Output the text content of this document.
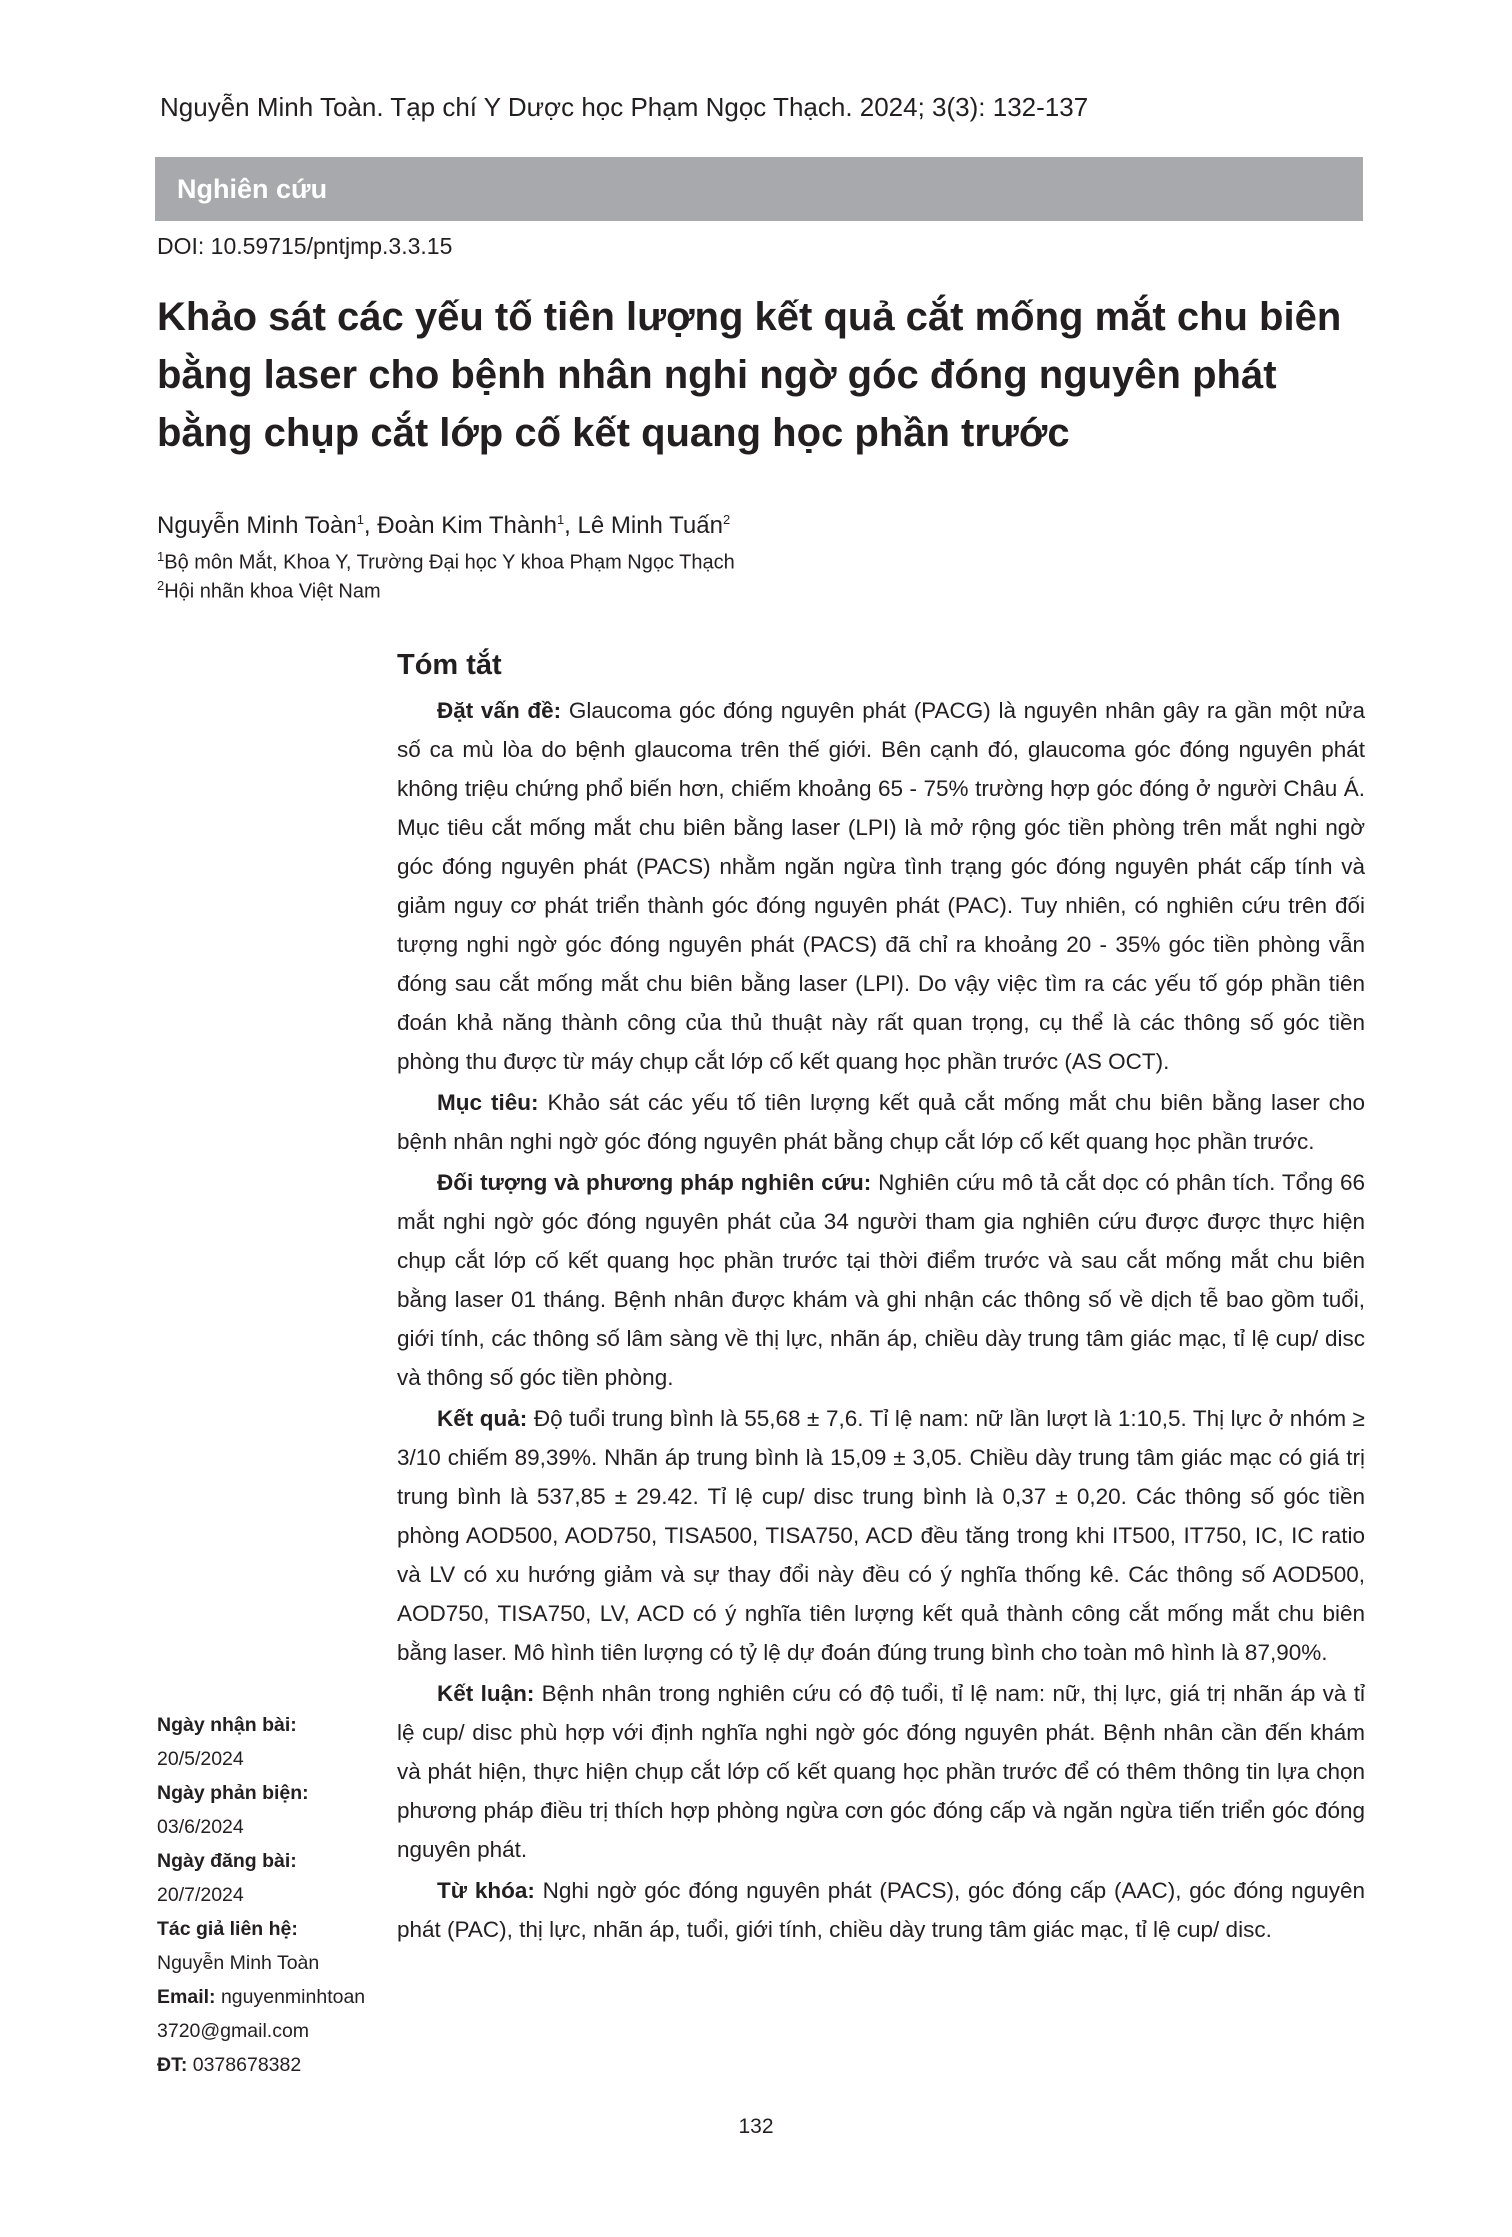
Nguyễn Minh Toàn. Tạp chí Y Dược học Phạm Ngọc Thạch. 2024; 3(3): 132-137
Nghiên cứu
DOI: 10.59715/pntjmp.3.3.15
Khảo sát các yếu tố tiên lượng kết quả cắt mống mắt chu biên bằng laser cho bệnh nhân nghi ngờ góc đóng nguyên phát bằng chụp cắt lớp cố kết quang học phần trước
Nguyễn Minh Toàn$^1$, Đoàn Kim Thành$^1$, Lê Minh Tuấn$^2$
$^1$Bộ môn Mắt, Khoa Y, Trường Đại học Y khoa Phạm Ngọc Thạch
$^2$Hội nhãn khoa Việt Nam
Tóm tắt

Đặt vấn đề: Glaucoma góc đóng nguyên phát (PACG) là nguyên nhân gây ra gần một nửa số ca mù lòa do bệnh glaucoma trên thế giới. Bên cạnh đó, glaucoma góc đóng nguyên phát không triệu chứng phổ biến hơn, chiếm khoảng 65 - 75% trường hợp góc đóng ở người Châu Á. Mục tiêu cắt mống mắt chu biên bằng laser (LPI) là mở rộng góc tiền phòng trên mắt nghi ngờ góc đóng nguyên phát (PACS) nhằm ngăn ngừa tình trạng góc đóng nguyên phát cấp tính và giảm nguy cơ phát triển thành góc đóng nguyên phát (PAC). Tuy nhiên, có nghiên cứu trên đối tượng nghi ngờ góc đóng nguyên phát (PACS) đã chỉ ra khoảng 20 - 35% góc tiền phòng vẫn đóng sau cắt mống mắt chu biên bằng laser (LPI). Do vậy việc tìm ra các yếu tố góp phần tiên đoán khả năng thành công của thủ thuật này rất quan trọng, cụ thể là các thông số góc tiền phòng thu được từ máy chụp cắt lớp cố kết quang học phần trước (AS OCT).

Mục tiêu: Khảo sát các yếu tố tiên lượng kết quả cắt mống mắt chu biên bằng laser cho bệnh nhân nghi ngờ góc đóng nguyên phát bằng chụp cắt lớp cố kết quang học phần trước.

Đối tượng và phương pháp nghiên cứu: Nghiên cứu mô tả cắt dọc có phân tích. Tổng 66 mắt nghi ngờ góc đóng nguyên phát của 34 người tham gia nghiên cứu được được thực hiện chụp cắt lớp cố kết quang học phần trước tại thời điểm trước và sau cắt mống mắt chu biên bằng laser 01 tháng. Bệnh nhân được khám và ghi nhận các thông số về dịch tễ bao gồm tuổi, giới tính, các thông số lâm sàng về thị lực, nhãn áp, chiều dày trung tâm giác mạc, tỉ lệ cup/ disc và thông số góc tiền phòng.

Kết quả: Độ tuổi trung bình là 55,68 ± 7,6. Tỉ lệ nam: nữ lần lượt là 1:10,5. Thị lực ở nhóm ≥ 3/10 chiếm 89,39%. Nhãn áp trung bình là 15,09 ± 3,05. Chiều dày trung tâm giác mạc có giá trị trung bình là 537,85 ± 29.42. Tỉ lệ cup/ disc trung bình là 0,37 ± 0,20. Các thông số góc tiền phòng AOD500, AOD750, TISA500, TISA750, ACD đều tăng trong khi IT500, IT750, IC, IC ratio và LV có xu hướng giảm và sự thay đổi này đều có ý nghĩa thống kê. Các thông số AOD500, AOD750, TISA750, LV, ACD có ý nghĩa tiên lượng kết quả thành công cắt mống mắt chu biên bằng laser. Mô hình tiên lượng có tỷ lệ dự đoán đúng trung bình cho toàn mô hình là 87,90%.

Kết luận: Bệnh nhân trong nghiên cứu có độ tuổi, tỉ lệ nam: nữ, thị lực, giá trị nhãn áp và tỉ lệ cup/ disc phù hợp với định nghĩa nghi ngờ góc đóng nguyên phát. Bệnh nhân cần đến khám và phát hiện, thực hiện chụp cắt lớp cố kết quang học phần trước để có thêm thông tin lựa chọn phương pháp điều trị thích hợp phòng ngừa cơn góc đóng cấp và ngăn ngừa tiến triển góc đóng nguyên phát.

Từ khóa: Nghi ngờ góc đóng nguyên phát (PACS), góc đóng cấp (AAC), góc đóng nguyên phát (PAC), thị lực, nhãn áp, tuổi, giới tính, chiều dày trung tâm giác mạc, tỉ lệ cup/ disc.

Ngày nhận bài:
20/5/2024
Ngày phản biện:
03/6/2024
Ngày đăng bài:
20/7/2024
Tác giả liên hệ:
Nguyễn Minh Toàn
Email: nguyenminhtoan
3720@gmail.com
ĐT: 0378678382
132
